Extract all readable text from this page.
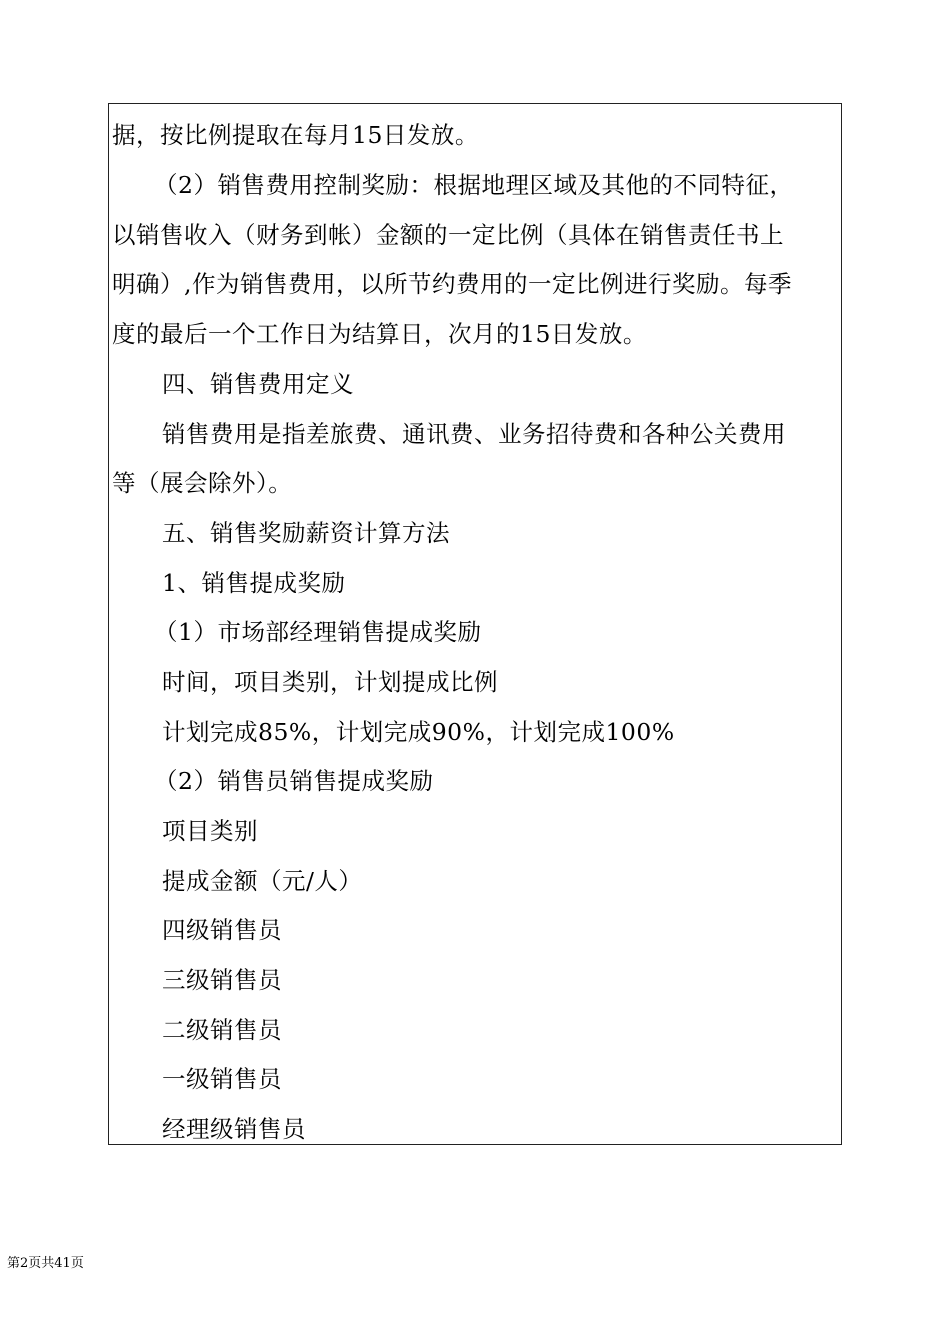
据，按比例提取在每月15日发放。
（2）销售费用控制奖励：根据地理区域及其他的不同特征，
以销售收入（财务到帐）金额的一定比例（具体在销售责任书上
明确）,作为销售费用，以所节约费用的一定比例进行奖励。每季
度的最后一个工作日为结算日，次月的15日发放。
四、销售费用定义
销售费用是指差旅费、通讯费、业务招待费和各种公关费用
等（展会除外）。
五、销售奖励薪资计算方法
1、销售提成奖励
（1）市场部经理销售提成奖励
时间，项目类别，计划提成比例
计划完成85%，计划完成90%，计划完成100%
（2）销售员销售提成奖励
项目类别
提成金额（元/人）
四级销售员
三级销售员
二级销售员
一级销售员
经理级销售员
第2页共41页
